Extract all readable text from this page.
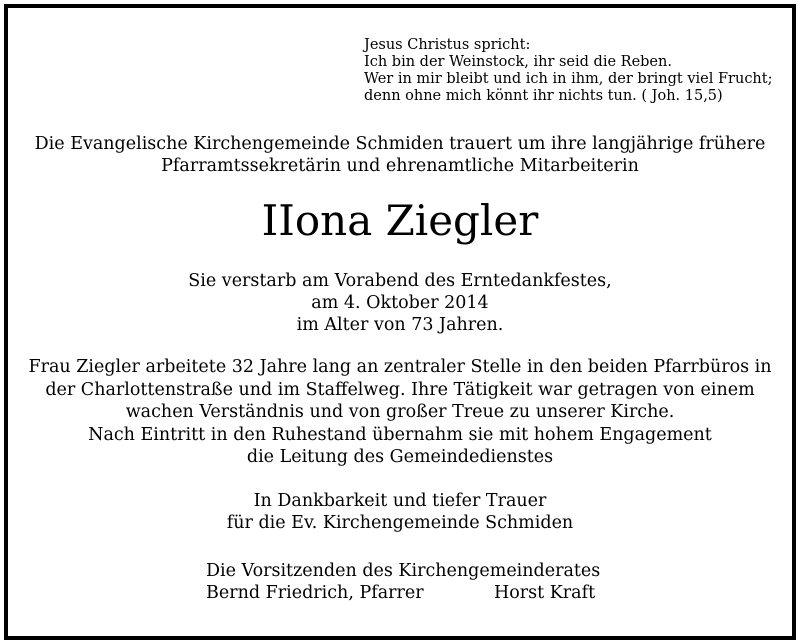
Jesus Christus spricht:
Ich bin der Weinstock, ihr seid die Reben.
Wer in mir bleibt und ich in ihm, der bringt viel Frucht;
denn ohne mich könnt ihr nichts tun. ( Joh. 15,5)
Die Evangelische Kirchengemeinde Schmiden trauert um ihre langjährige frühere
Pfarramtssekretärin und ehrenamtliche Mitarbeiterin
IIona Ziegler
Sie verstarb am Vorabend des Erntedankfestes,
am 4. Oktober 2014
im Alter von 73 Jahren.
Frau Ziegler arbeitete 32 Jahre lang an zentraler Stelle in den beiden Pfarrbüros in
der Charlottenstraße und im Staffelweg. Ihre Tätigkeit war getragen von einem
wachen Verständnis und von großer Treue zu unserer Kirche.
Nach Eintritt in den Ruhestand übernahm sie mit hohem Engagement
die Leitung des Gemeindedienstes
In Dankbarkeit und tiefer Trauer
für die Ev. Kirchengemeinde Schmiden
Die Vorsitzenden des Kirchengemeinderates
Bernd Friedrich, Pfarrer	Horst Kraft
